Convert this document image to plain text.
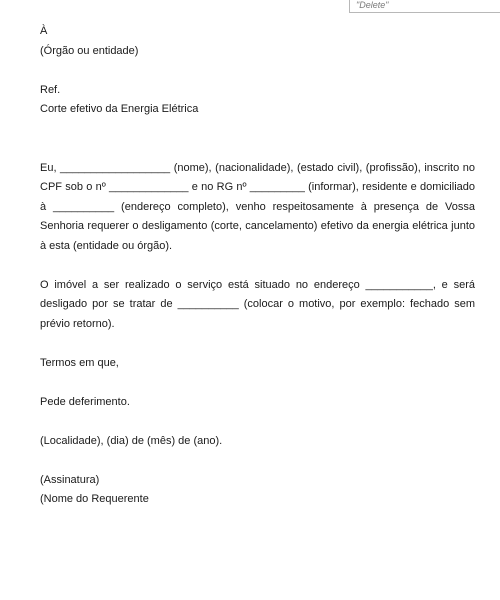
"Delete"
À
(Órgão ou entidade)
Ref.
Corte efetivo da Energia Elétrica

Eu, __________________ (nome), (nacionalidade), (estado civil), (profissão), inscrito no CPF sob o nº _____________ e no RG nº _________ (informar), residente e domiciliado à __________ (endereço completo), venho respeitosamente à presença de Vossa Senhoria requerer o desligamento (corte, cancelamento) efetivo da energia elétrica junto à esta (entidade ou órgão).

O imóvel a ser realizado o serviço está situado no endereço ___________, e será desligado por se tratar de __________ (colocar o motivo, por exemplo: fechado sem prévio retorno).

Termos em que,
Pede deferimento.
(Localidade), (dia) de (mês) de (ano).
(Assinatura)
(Nome do Requerente
